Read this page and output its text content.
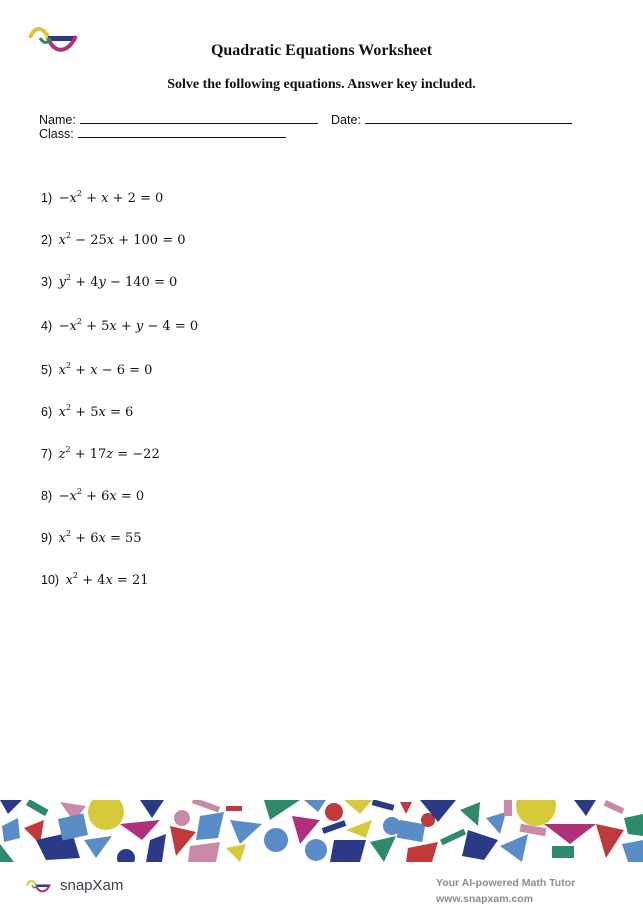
Quadratic Equations Worksheet
Solve the following equations. Answer key included.
Name:	Date:
Class:
$1) -x^2 + x + 2 = 0$
2) $x^2 - 25x + 100 = 0$
3) $y^2 + 4y - 140 = 0$
$4) -x^2 + 5x + y - 4 = 0$
5) $x^2 + x - 6 = 0$
6) $x^2 + 5x = 6$
7) $z^2 + 17z = -22$
$8) -x^2 + 6x = 0$
9) $x^2 + 6x = 55$
10) $x^2 + 4x = 21$
snapXam	Your AI-powered Math Tutor
www.snapxam.com
